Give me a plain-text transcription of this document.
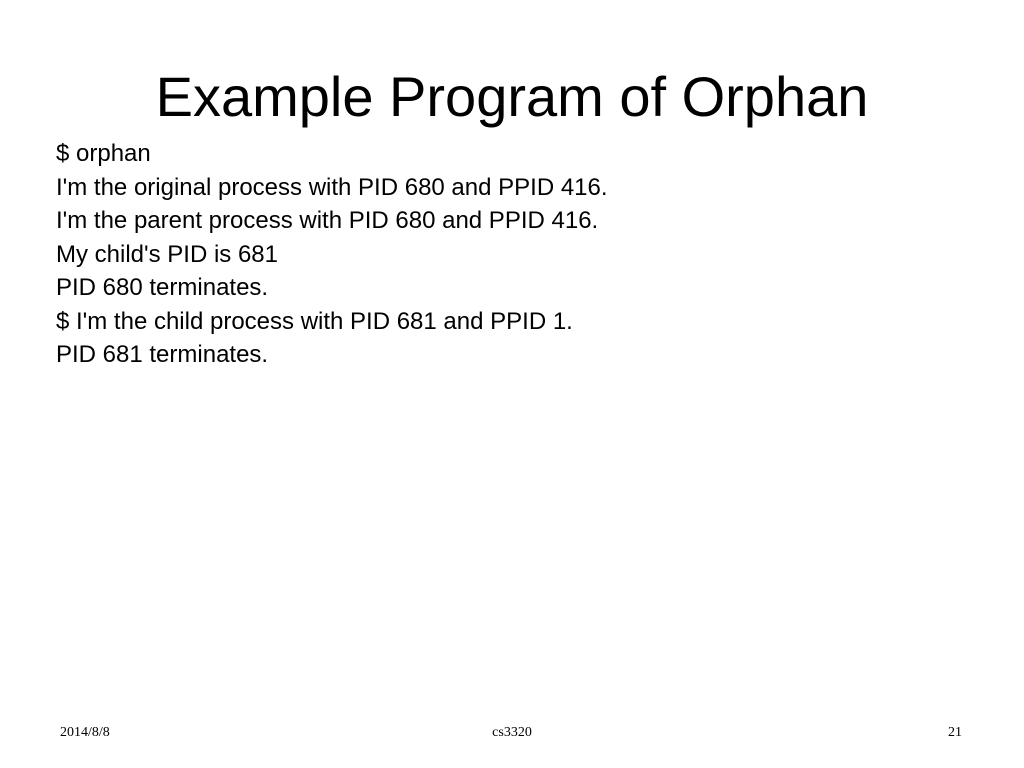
Example Program of Orphan
$ orphan
I'm the original process with PID 680 and PPID 416.
I'm the parent process with PID 680 and PPID 416.
My child's PID is 681
PID 680 terminates.
$ I'm the child process with PID 681 and PPID 1.
PID 681 terminates.
2014/8/8	cs3320	21
